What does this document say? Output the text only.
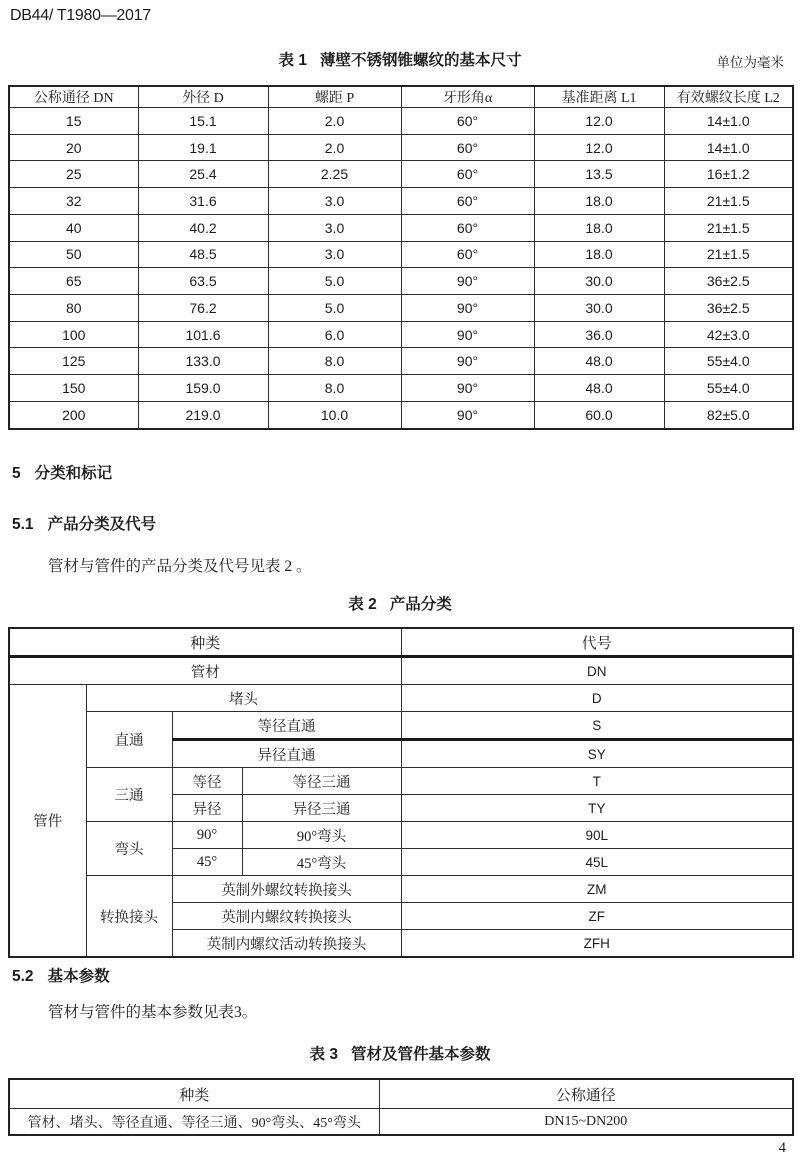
DB44/ T1980—2017
表 1 薄壁不锈钢锥螺纹的基本尺寸	单位为毫米
公称通径 DN	外径 D	螺距 P	牙形角α	基准距离 L1	有效螺纹长度 L2
15	15.1	2.0	60°	12.0	14±1.0
20	19.1	2.0	60°	12.0	14±1.0
25	25.4	2.25	60°	13.5	16±1.2
32	31.6	3.0	60°	18.0	21±1.5
40	40.2	3.0	60°	18.0	21±1.5
50	48.5	3.0	60°	18.0	21±1.5
65	63.5	5.0	90°	30.0	36±2.5
80	76.2	5.0	90°	30.0	36±2.5
100	101.6	6.0	90°	36.0	42±3.0
125	133.0	8.0	90°	48.0	55±4.0
150	159.0	8.0	90°	48.0	55±4.0
200	219.0	10.0	90°	60.0	82±5.0
5 分类和标记
5.1 产品分类及代号
管材与管件的产品分类及代号见表 2 。
表 2 产品分类
种类				代号
管材				DN
管件	堵头			D
	直通	等径直通		S
		异径直通		SY
	三通	等径	等径三通	T
		异径	异径三通	TY
	弯头	90°	90°弯头	90L
		45°	45°弯头	45L
	转换接头	英制外螺纹转换接头		ZM
		英制内螺纹转换接头		ZF
		英制内螺纹活动转换接头		ZFH
5.2 基本参数
管材与管件的基本参数见表3。
表 3 管材及管件基本参数
种类	公称通径
管材、堵头、等径直通、等径三通、90°弯头、45°弯头	DN15~DN200
4
